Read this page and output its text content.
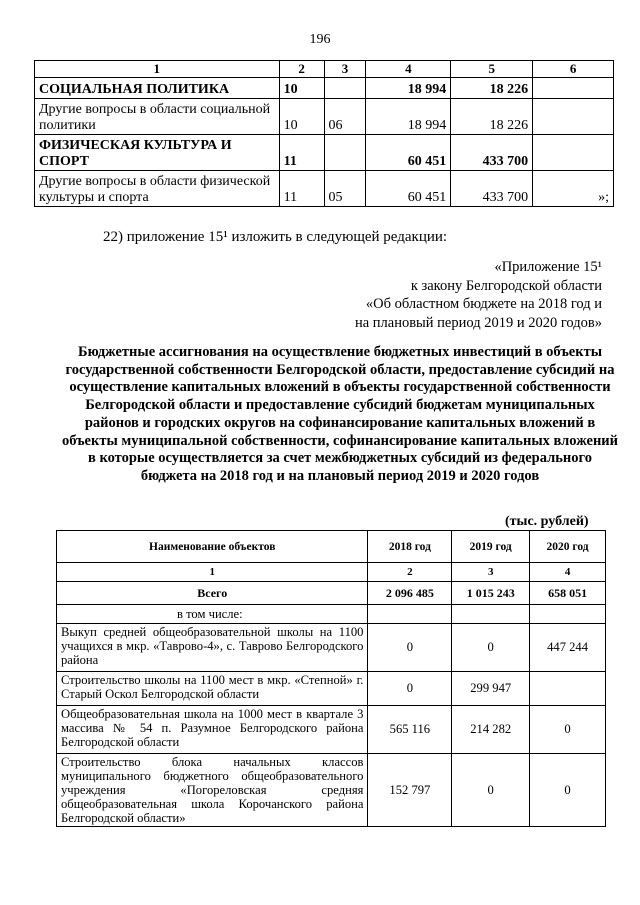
196
1	2	3	4	5	6
СОЦИАЛЬНАЯ ПОЛИТИКА	10		18 994	18 226	
Другие вопросы в области социальной политики	10	06	18 994	18 226	
ФИЗИЧЕСКАЯ КУЛЬТУРА И СПОРТ	11		60 451	433 700	
Другие вопросы в области физической культуры и спорта	11	05	60 451	433 700	»;
22) приложение 15¹ изложить в следующей редакции:
«Приложение 15¹
к закону Белгородской области
«Об областном бюджете на 2018 год и
на плановый период 2019 и 2020 годов»
Бюджетные ассигнования на осуществление бюджетных инвестиций в объекты государственной собственности Белгородской области, предоставление субсидий на осуществление капитальных вложений в объекты государственной собственности Белгородской области и предоставление субсидий бюджетам муниципальных районов и городских округов на софинансирование капитальных вложений в объекты муниципальной собственности, софинансирование капитальных вложений в которые осуществляется за счет межбюджетных субсидий из федерального бюджета на 2018 год и на плановый период 2019 и 2020 годов
(тыс. рублей)
Наименование объектов	2018 год	2019 год	2020 год
1	2	3	4
Всего	2 096 485	1 015 243	658 051
в том числе:			
Выкуп средней общеобразовательной школы на 1100 учащихся в мкр. «Таврово-4», с. Таврово Белгородского района	0	0	447 244
Строительство школы на 1100 мест в мкр. «Степной» г. Старый Оскол Белгородской области	0	299 947	
Общеобразовательная школа на 1000 мест в квартале 3 массива № 54 п. Разумное Белгородского района Белгородской области	565 116	214 282	0
Строительство блока начальных классов муниципального бюджетного общеобразовательного учреждения «Погореловская средняя общеобразовательная школа Корочанского района Белгородской области»	152 797	0	0
